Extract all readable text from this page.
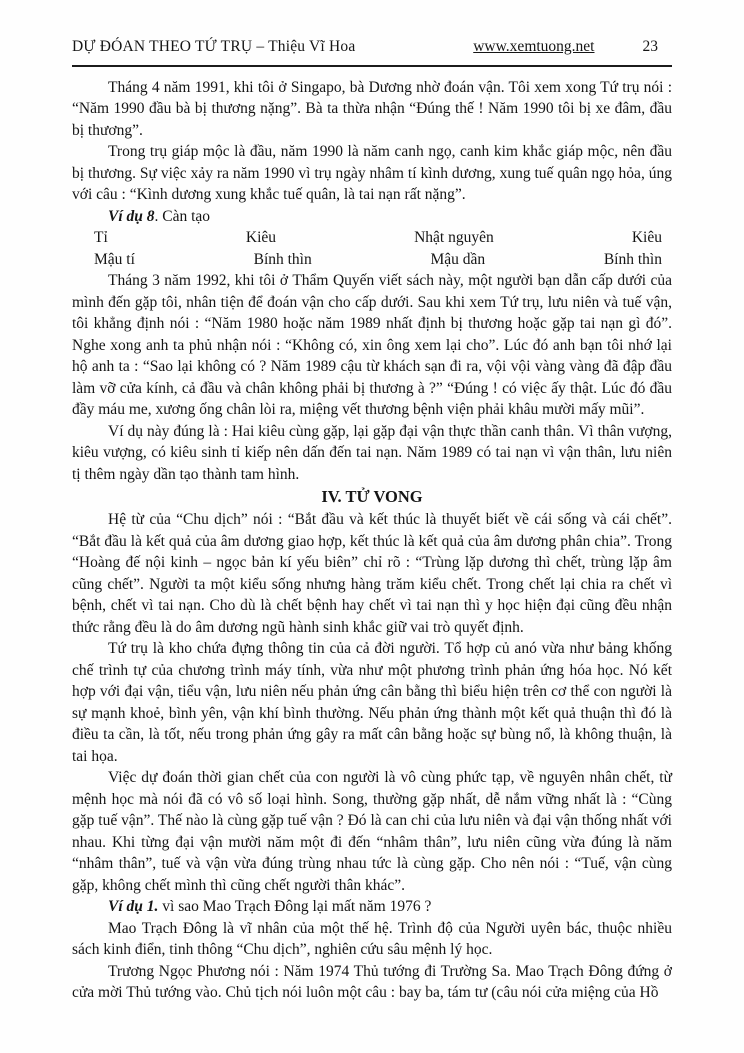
DỰ ĐÓAN THEO TỨ TRỤ – Thiệu Vĩ Hoa	www.xemtuong.net	23

Tháng 4 năm 1991, khi tôi ở Singapo, bà Dương nhờ đoán vận. Tôi xem xong Tứ trụ nói : “Năm 1990 đầu bà bị thương nặng”. Bà ta thừa nhận “Đúng thế ! Năm 1990 tôi bị xe đâm, đầu bị thương”.

Trong trụ giáp mộc là đầu, năm 1990 là năm canh ngọ, canh kim khắc giáp mộc, nên đầu bị thương. Sự việc xảy ra năm 1990 vì trụ ngày nhâm tí kình dương, xung tuế quân ngọ hỏa, úng với câu : “Kình dương xung khắc tuế quân, là tai nạn rất nặng”.

Ví dụ 8. Càn tạo

Tỉ	Kiêu	Nhật nguyên	Kiêu
Mậu tí	Bính thìn	Mậu dần	Bính thìn

Tháng 3 năm 1992, khi tôi ở Thẩm Quyến viết sách này, một người bạn dẫn cấp dưới của mình đến gặp tôi, nhân tiện để đoán vận cho cấp dưới. Sau khi xem Tứ trụ, lưu niên và tuế vận, tôi khẳng định nói : “Năm 1980 hoặc năm 1989 nhất định bị thương hoặc gặp tai nạn gì đó”. Nghe xong anh ta phủ nhận nói : “Không có, xin ông xem lại cho”. Lúc đó anh bạn tôi nhớ lại hộ anh ta : “Sao lại không có ? Năm 1989 cậu từ khách sạn đi ra, vội vội vàng vàng đã đập đầu làm vỡ cửa kính, cả đầu và chân không phải bị thương à ?” “Đúng ! có việc ấy thật. Lúc đó đầu đầy máu me, xương ống chân lòi ra, miệng vết thương bệnh viện phải khâu mười mấy mũi”.

Ví dụ này đúng là : Hai kiêu cùng gặp, lại gặp đại vận thực thần canh thân. Vì thân vượng, kiêu vượng, có kiêu sinh tỉ kiếp nên dấn đến tai nạn. Năm 1989 có tai nạn vì vận thân, lưu niên tị thêm ngày dần tạo thành tam hình.

IV. TỬ VONG

Hệ từ của “Chu dịch” nói : “Bắt đầu và kết thúc là thuyết biết về cái sống và cái chết”. “Bắt đầu là kết quả của âm dương giao hợp, kết thúc là kết quả của âm dương phân chia”. Trong “Hoàng đế nội kinh – ngọc bản kí yếu biên” chỉ rõ : “Trùng lặp dương thì chết, trùng lặp âm cũng chết”. Người ta một kiểu sống nhưng hàng trăm kiểu chết. Trong chết lại chia ra chết vì bệnh, chết vì tai nạn. Cho dù là chết bệnh hay chết vì tai nạn thì y học hiện đại cũng đều nhận thức rằng đều là do âm dương ngũ hành sinh khắc giữ vai trò quyết định.

Tứ trụ là kho chứa đựng thông tin của cả đời người. Tổ hợp củ anó vừa như bảng khống chế trình tự của chương trình máy tính, vừa như một phương trình phản ứng hóa học. Nó kết hợp với đại vận, tiểu vận, lưu niên nếu phản ứng cân bằng thì biểu hiện trên cơ thể con người là sự mạnh khoẻ, bình yên, vận khí bình thường. Nếu phản ứng thành một kết quả thuận thì đó là điều ta cần, là tốt, nếu trong phản ứng gây ra mất cân bằng hoặc sự bùng nổ, là không thuận, là tai họa.

Việc dự đoán thời gian chết của con người là vô cùng phức tạp, về nguyên nhân chết, từ mệnh học mà nói đã có vô số loại hình. Song, thường gặp nhất, dễ nắm vững nhất là : “Cùng gặp tuế vận”. Thế nào là cùng gặp tuế vận ? Đó là can chi của lưu niên và đại vận thống nhất với nhau. Khi từng đại vận mười năm một đi đến “nhâm thân”, lưu niên cũng vừa đúng là năm “nhâm thân”, tuế và vận vừa đúng trùng nhau tức là cùng gặp. Cho nên nói : “Tuế, vận cùng gặp, không chết mình thì cũng chết người thân khác”.

Ví dụ 1. vì sao Mao Trạch Đông lại mất năm 1976 ?

Mao Trạch Đông là vĩ nhân của một thế hệ. Trình độ của Người uyên bác, thuộc nhiều sách kinh điển, tinh thông “Chu dịch”, nghiên cứu sâu mệnh lý học.

Trương Ngọc Phương nói : Năm 1974 Thủ tướng đi Trường Sa. Mao Trạch Đông đứng ở cửa mời Thủ tướng vào. Chủ tịch nói luôn một câu : bay ba, tám tư (câu nói cửa miệng của Hồ
